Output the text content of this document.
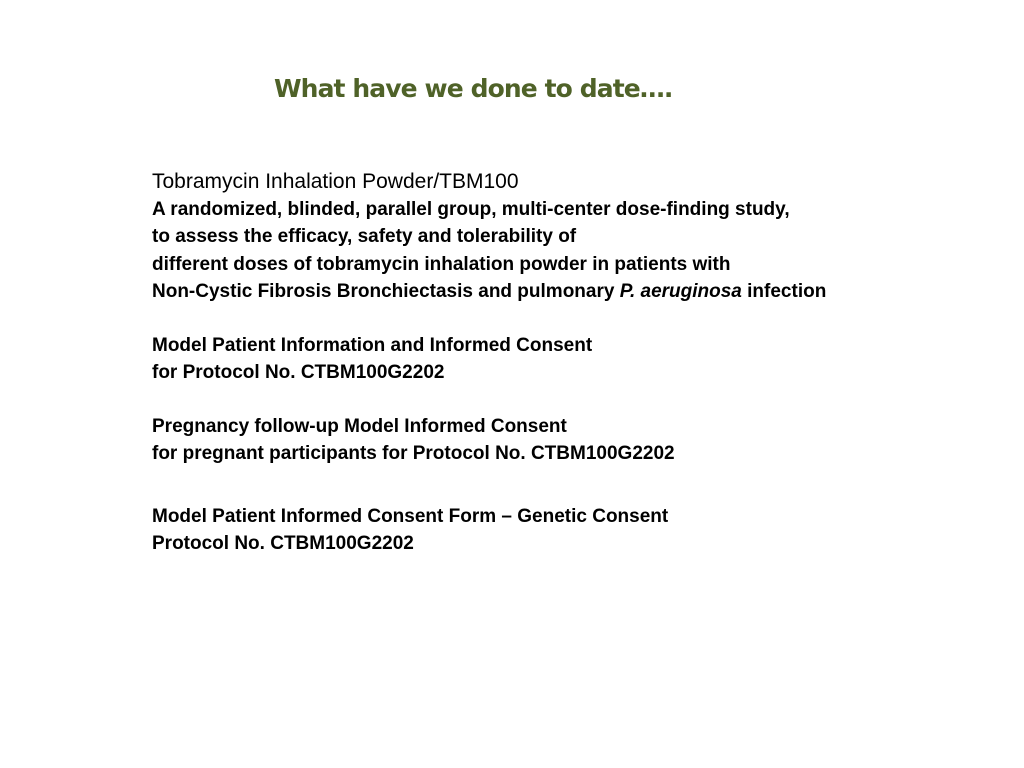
What have we done to date….
Tobramycin Inhalation Powder/TBM100
A randomized, blinded, parallel group, multi-center dose-finding study,
to assess the efficacy, safety and tolerability of
different doses of tobramycin inhalation powder in patients with
Non-Cystic Fibrosis Bronchiectasis and pulmonary P. aeruginosa infection
Model Patient Information and Informed Consent
for Protocol No. CTBM100G2202
Pregnancy follow-up Model Informed Consent
for pregnant participants for Protocol No. CTBM100G2202
Model Patient Informed Consent Form – Genetic Consent
Protocol No. CTBM100G2202
